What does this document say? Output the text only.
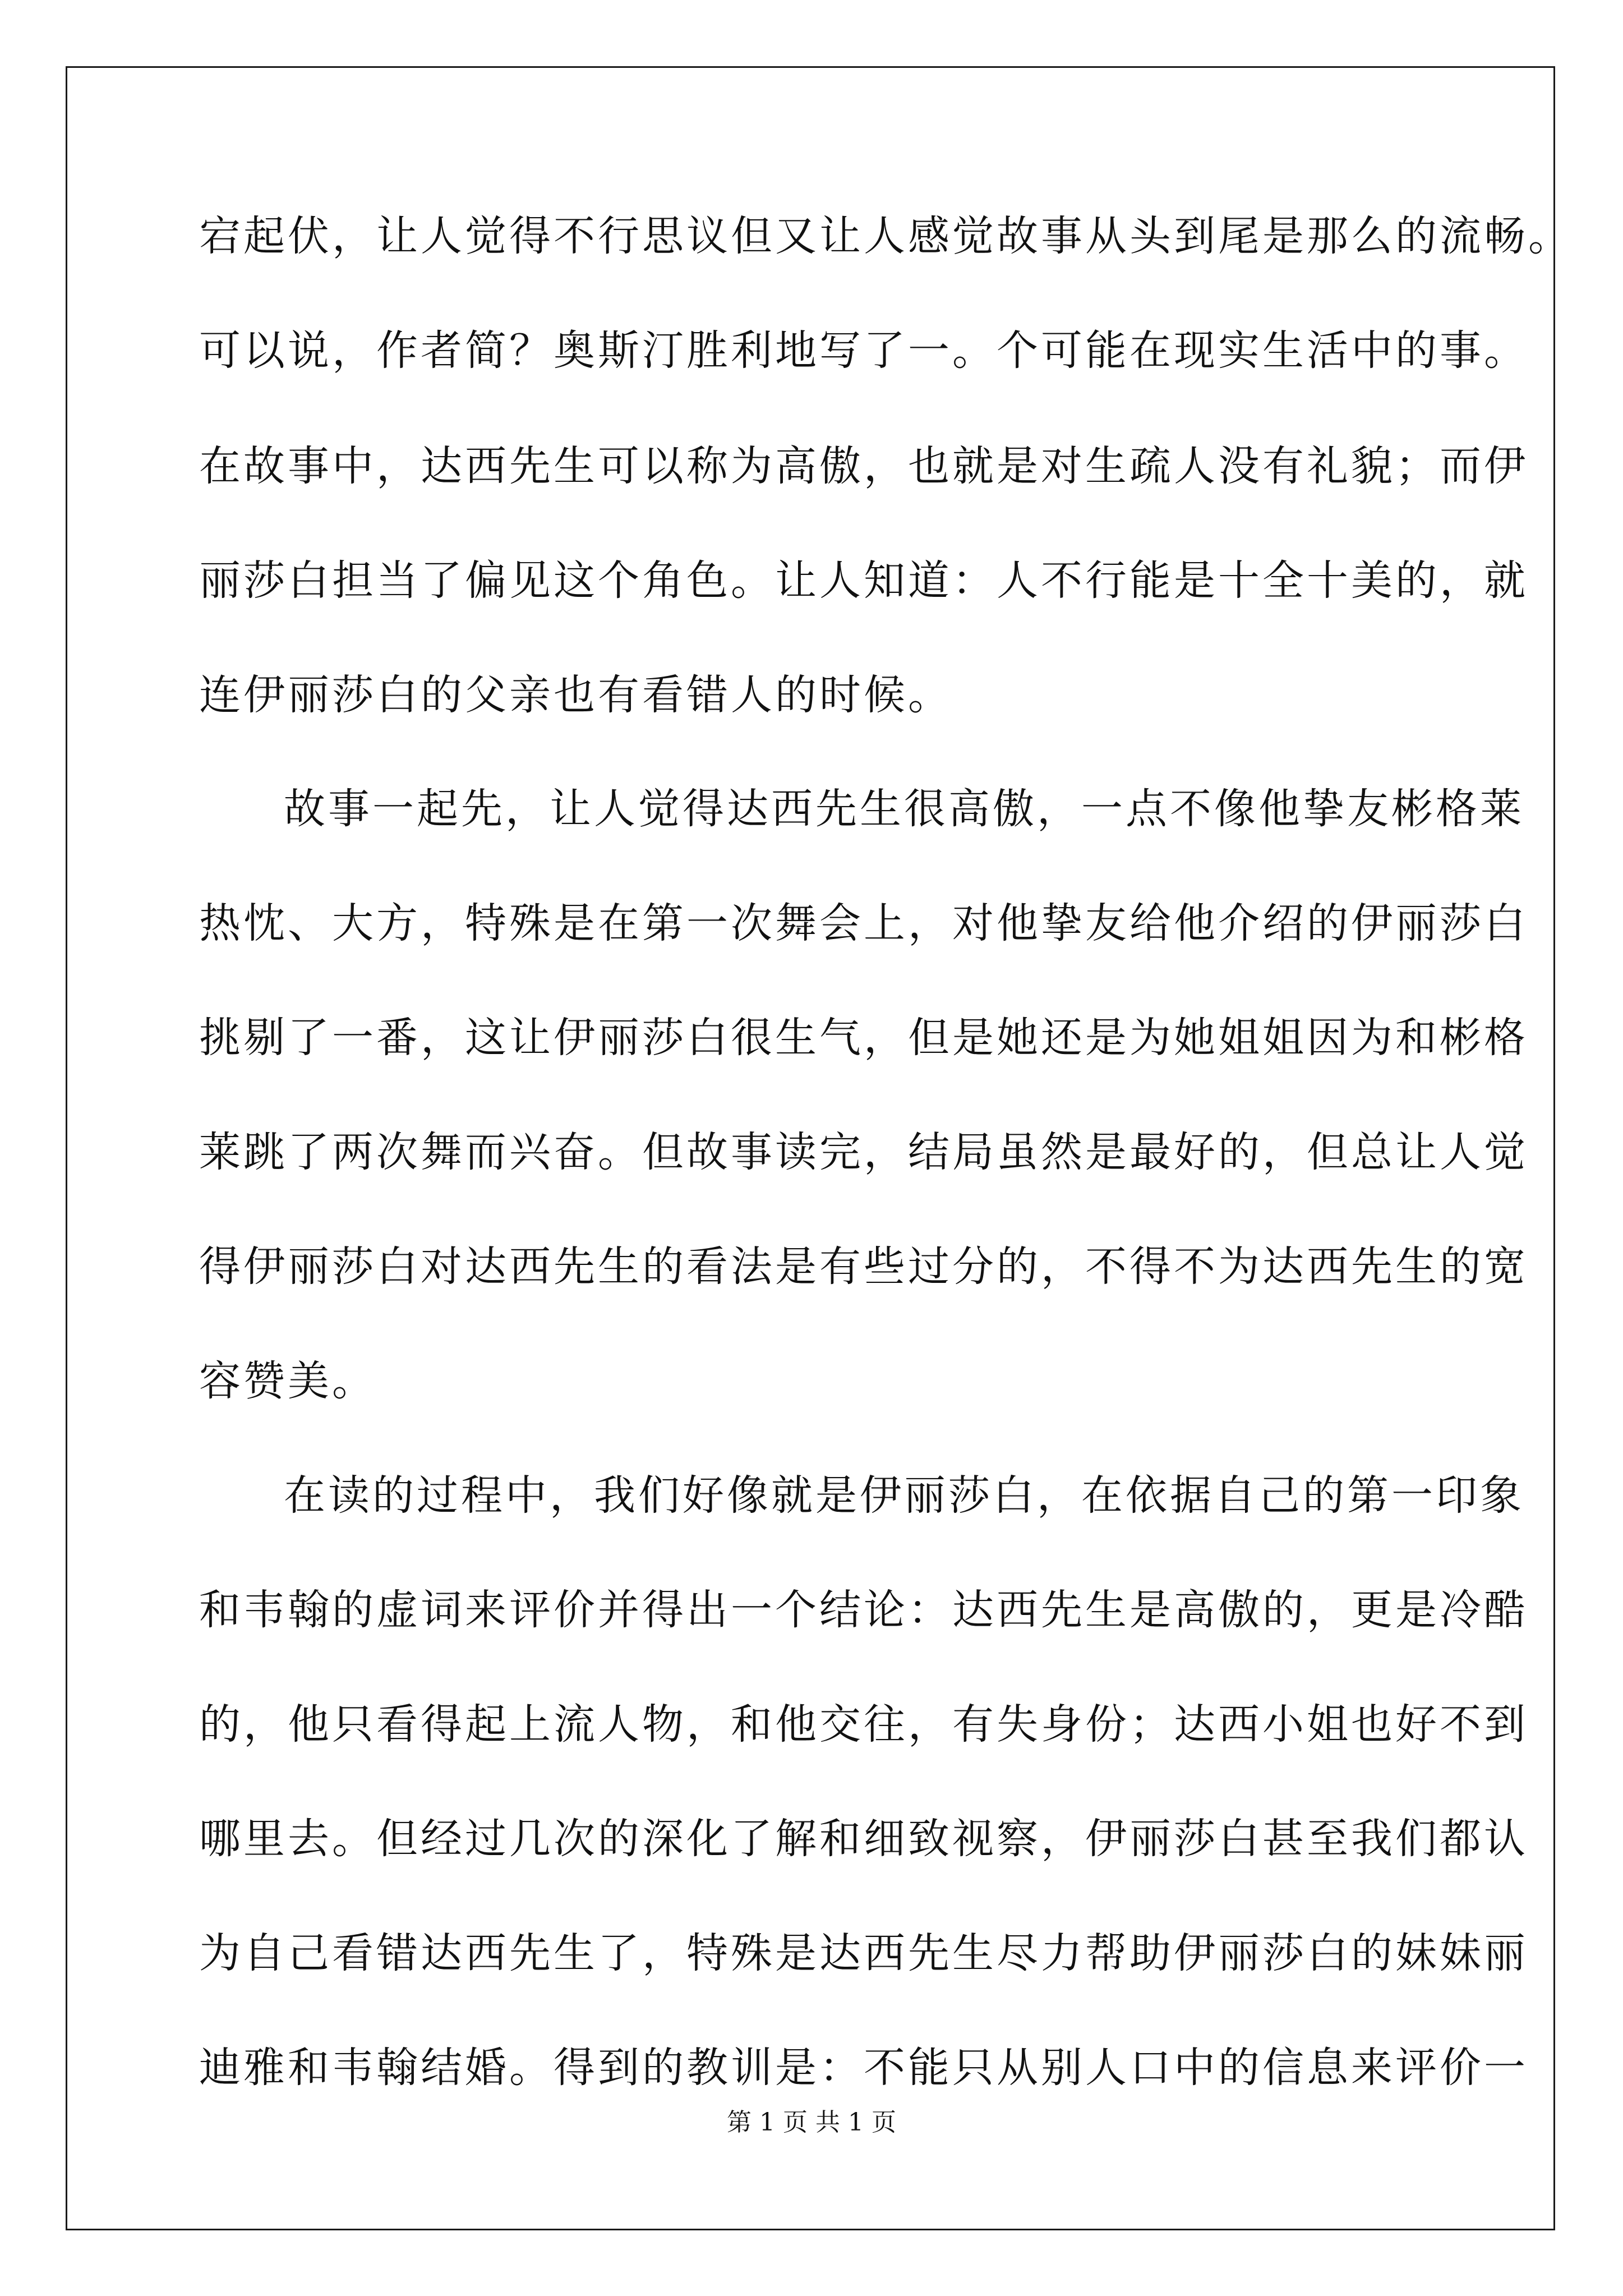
宕起伏，让人觉得不行思议但又让人感觉故事从头到尾是那么的流畅。
可以说，作者简？奥斯汀胜利地写了一。个可能在现实生活中的事。
在故事中，达西先生可以称为高傲，也就是对生疏人没有礼貌；而伊
丽莎白担当了偏见这个角色。让人知道：人不行能是十全十美的，就
连伊丽莎白的父亲也有看错人的时候。
故事一起先，让人觉得达西先生很高傲，一点不像他挚友彬格莱
热忱、大方，特殊是在第一次舞会上，对他挚友给他介绍的伊丽莎白
挑剔了一番，这让伊丽莎白很生气，但是她还是为她姐姐因为和彬格
莱跳了两次舞而兴奋。但故事读完，结局虽然是最好的，但总让人觉
得伊丽莎白对达西先生的看法是有些过分的，不得不为达西先生的宽
容赞美。
在读的过程中，我们好像就是伊丽莎白，在依据自己的第一印象
和韦翰的虚词来评价并得出一个结论：达西先生是高傲的，更是冷酷
的，他只看得起上流人物，和他交往，有失身份；达西小姐也好不到
哪里去。但经过几次的深化了解和细致视察，伊丽莎白甚至我们都认
为自己看错达西先生了，特殊是达西先生尽力帮助伊丽莎白的妹妹丽
迪雅和韦翰结婚。得到的教训是：不能只从别人口中的信息来评价一
第 1 页 共 1 页
